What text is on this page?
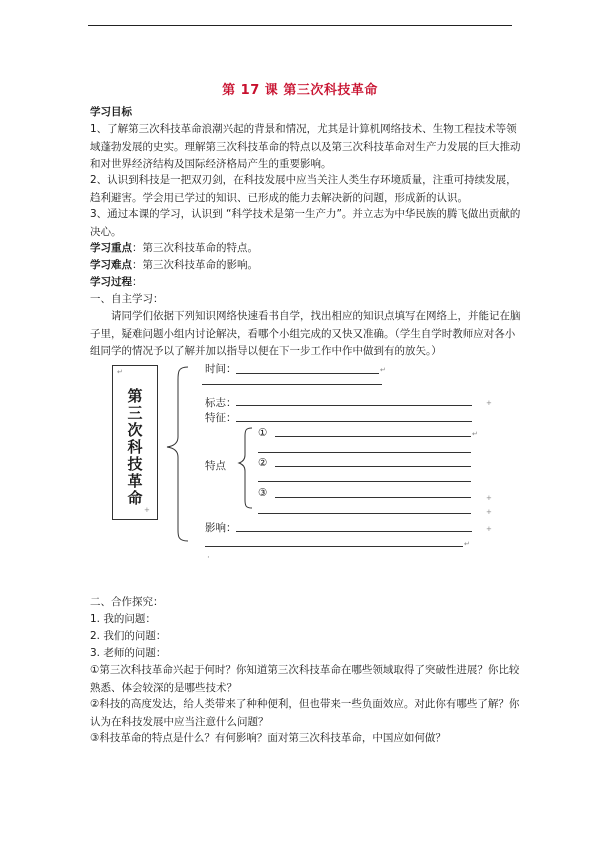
第 17 课 第三次科技革命
学习目标
1、了解第三次科技革命浪潮兴起的背景和情况，尤其是计算机网络技术、生物工程技术等领域蓬勃发展的史实。理解第三次科技革命的特点以及第三次科技革命对生产力发展的巨大推动和对世界经济结构及国际经济格局产生的重要影响。
2、认识到科技是一把双刃剑，在科技发展中应当关注人类生存环境质量，注重可持续发展，趋利避害。学会用已学过的知识、已形成的能力去解决新的问题，形成新的认识。
3、通过本课的学习，认识到 “科学技术是第一生产力”。并立志为中华民族的腾飞做出贡献的决心。
学习重点：第三次科技革命的特点。
学习难点：第三次科技革命的影响。
学习过程：
一、自主学习：
请同学们依据下列知识网络快速看书自学，找出相应的知识点填写在网络上，并能记在脑子里，疑难问题小组内讨论解决，看哪个小组完成的又快又准确。（学生自学时教师应对各小组同学的情况予以了解并加以指导以便在下一步工作中作中做到有的放矢。）
↵
第三次科技革命
+
时间：	↵
标志：	+
特征：
①	↵
特点	②
③	+
+
影响：	+
↵
·
二、合作探究：
1. 我的问题：
2. 我们的问题：
3. 老师的问题：
①第三次科技革命兴起于何时？你知道第三次科技革命在哪些领域取得了突破性进展？你比较熟悉、体会较深的是哪些技术？
②科技的高度发达，给人类带来了种种便利，但也带来一些负面效应。对此你有哪些了解？你认为在科技发展中应当注意什么问题？
③科技革命的特点是什么？有何影响？面对第三次科技革命，中国应如何做？
